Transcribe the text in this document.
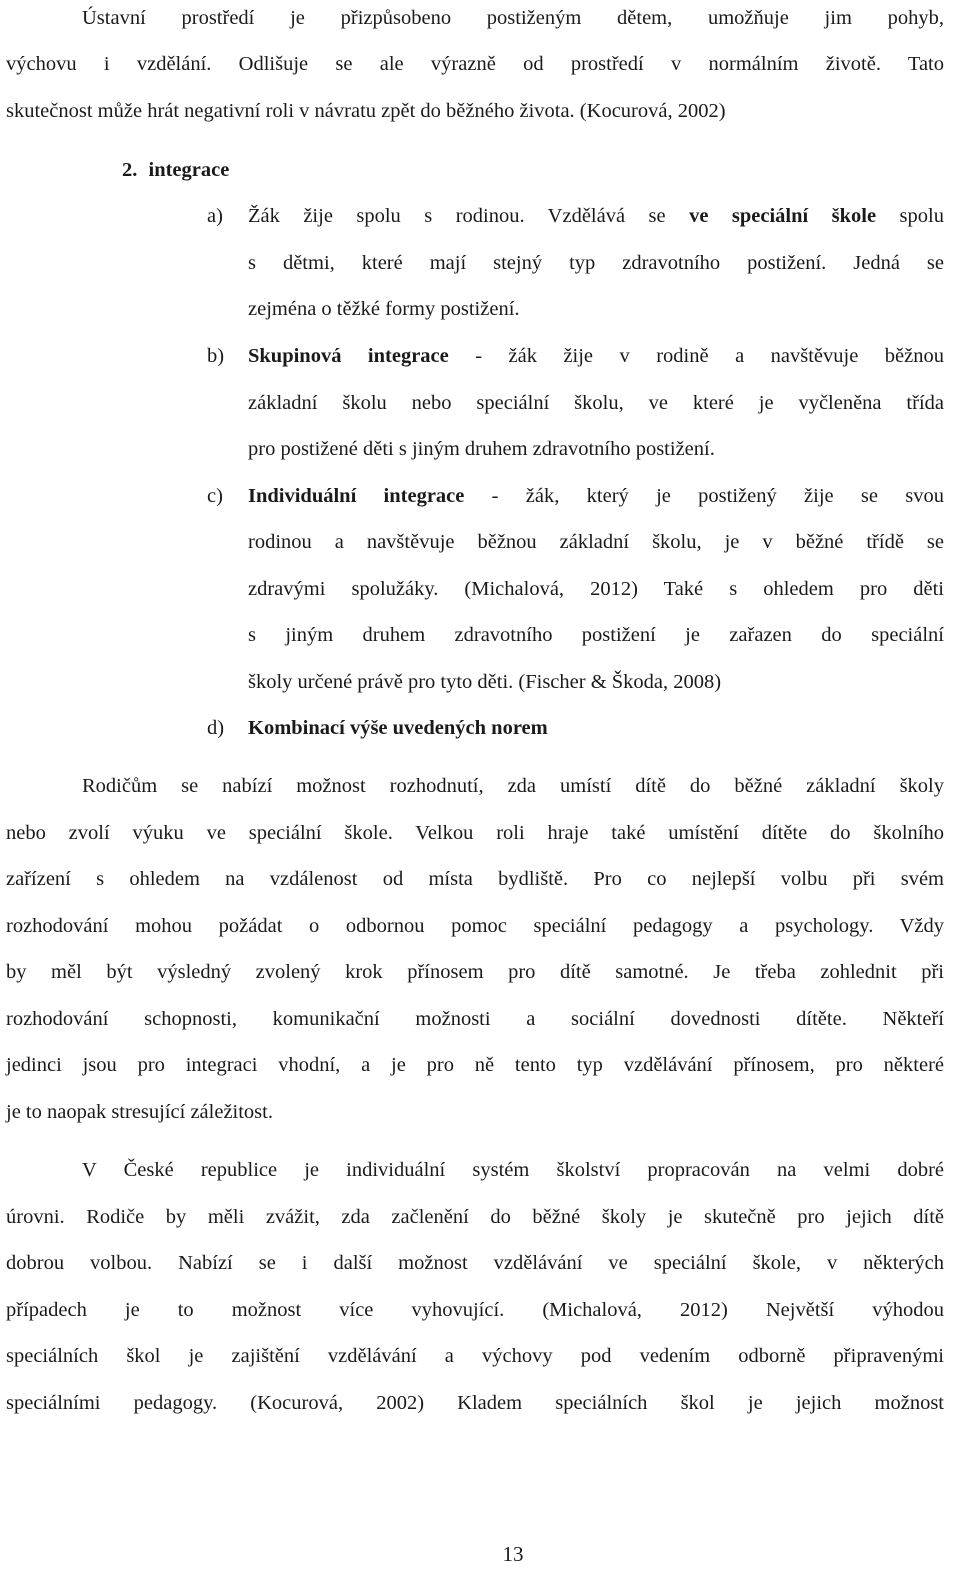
Ústavní prostředí je přizpůsobeno postiženým dětem, umožňuje jim pohyb,
výchovu i vzdělání. Odlišuje se ale výrazně od prostředí v normálním životě. Tato
skutečnost může hrát negativní roli v návratu zpět do běžného života. (Kocurová, 2002)
2. integrace
a) Žák žije spolu s rodinou. Vzdělává se ve speciální škole spolu
s dětmi, které mají stejný typ zdravotního postižení. Jedná se
zejména o těžké formy postižení.
b) Skupinová integrace - žák žije v rodině a navštěvuje běžnou
základní školu nebo speciální školu, ve které je vyčleněna třída
pro postižené děti s jiným druhem zdravotního postižení.
c) Individuální integrace - žák, který je postižený žije se svou
rodinou a navštěvuje běžnou základní školu, je v běžné třídě se
zdravými spolužáky. (Michalová, 2012) Také s ohledem pro děti
s jiným druhem zdravotního postižení je zařazen do speciální
školy určené právě pro tyto děti. (Fischer & Škoda, 2008)
d) Kombinací výše uvedených norem
Rodičům se nabízí možnost rozhodnutí, zda umístí dítě do běžné základní školy
nebo zvolí výuku ve speciální škole. Velkou roli hraje také umístění dítěte do školního
zařízení s ohledem na vzdálenost od místa bydliště. Pro co nejlepší volbu při svém
rozhodování mohou požádat o odbornou pomoc speciální pedagogy a psychology. Vždy
by měl být výsledný zvolený krok přínosem pro dítě samotné. Je třeba zohlednit při
rozhodování schopnosti, komunikační možnosti a sociální dovednosti dítěte. Někteří
jedinci jsou pro integraci vhodní, a je pro ně tento typ vzdělávání přínosem, pro některé
je to naopak stresující záležitost.
V České republice je individuální systém školství propracován na velmi dobré
úrovni. Rodiče by měli zvážit, zda začlenění do běžné školy je skutečně pro jejich dítě
dobrou volbou. Nabízí se i další možnost vzdělávání ve speciální škole, v některých
případech je to možnost více vyhovující. (Michalová, 2012) Největší výhodou
speciálních škol je zajištění vzdělávání a výchovy pod vedením odborně připravenými
speciálními pedagogy. (Kocurová, 2002) Kladem speciálních škol je jejich možnost
13
